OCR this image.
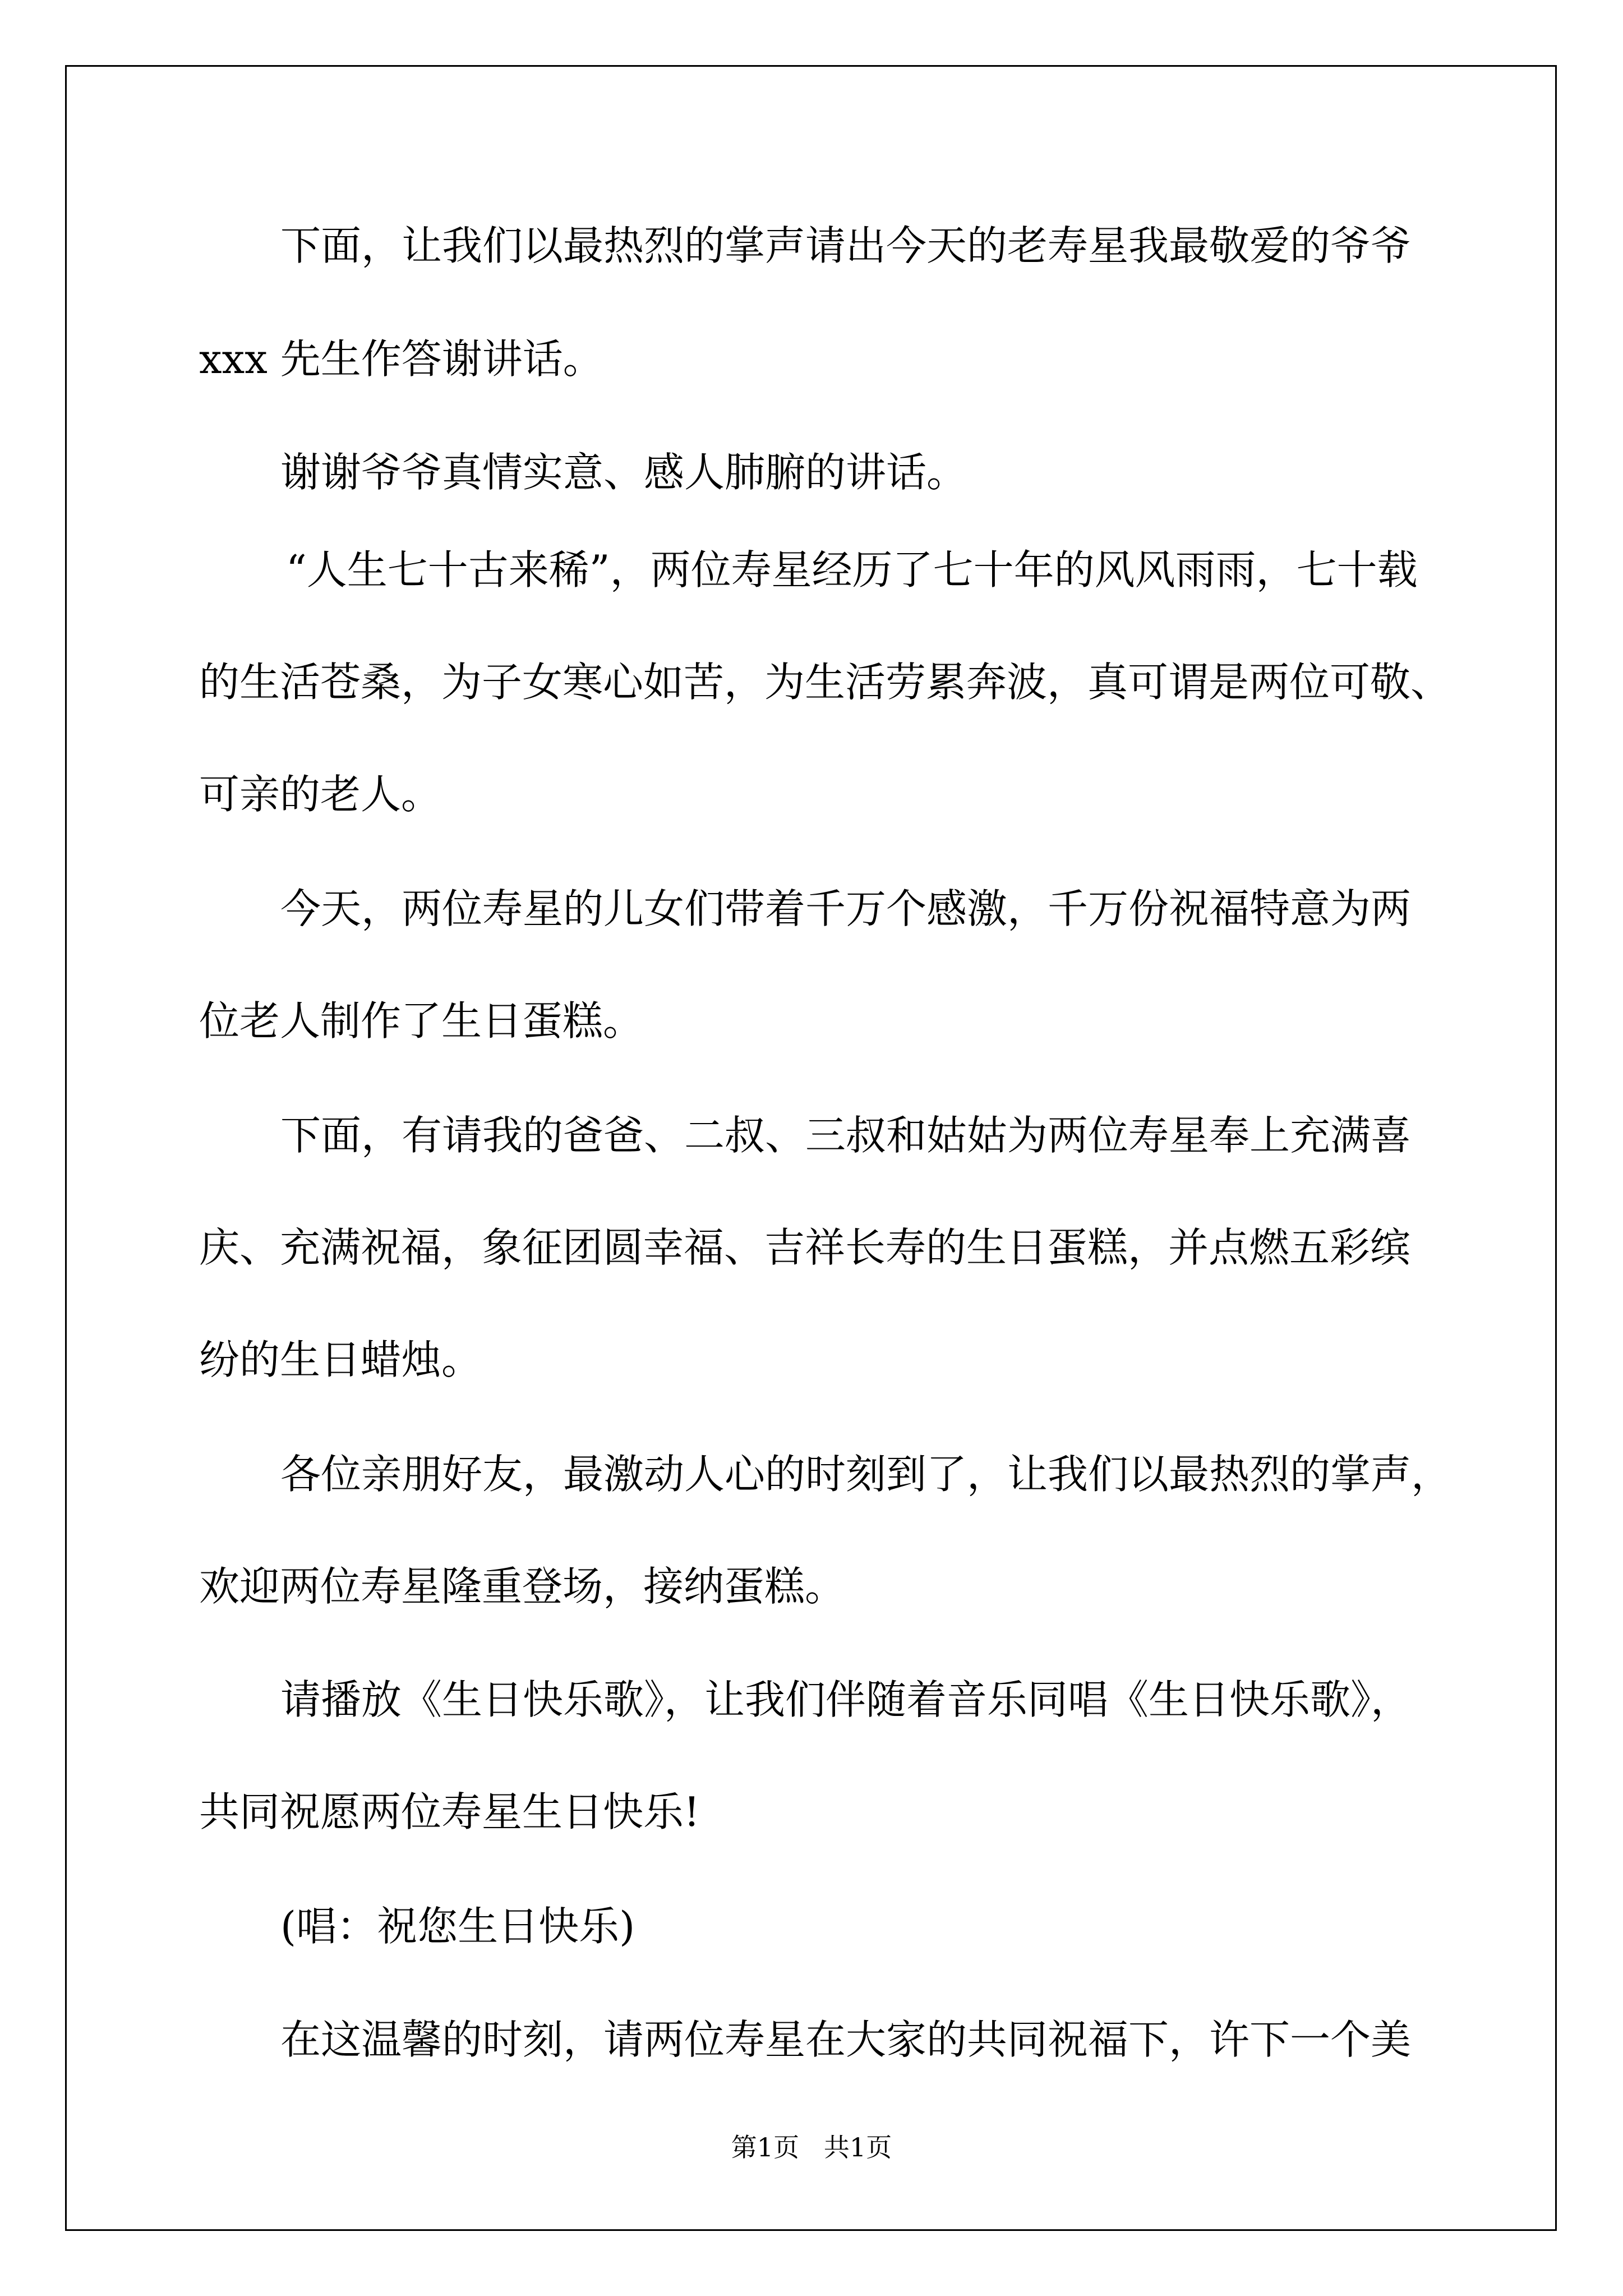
下面，让我们以最热烈的掌声请出今天的老寿星我最敬爱的爷爷
xxx 先生作答谢讲话。
谢谢爷爷真情实意、感人肺腑的讲话。
“人生七十古来稀”，两位寿星经历了七十年的风风雨雨，七十载
的生活苍桑，为子女寒心如苦，为生活劳累奔波，真可谓是两位可敬、
可亲的老人。
今天，两位寿星的儿女们带着千万个感激，千万份祝福特意为两
位老人制作了生日蛋糕。
下面，有请我的爸爸、二叔、三叔和姑姑为两位寿星奉上充满喜
庆、充满祝福，象征团圆幸福、吉祥长寿的生日蛋糕，并点燃五彩缤
纷的生日蜡烛。
各位亲朋好友，最激动人心的时刻到了，让我们以最热烈的掌声，
欢迎两位寿星隆重登场，接纳蛋糕。
请播放《生日快乐歌》，让我们伴随着音乐同唱《生日快乐歌》，
共同祝愿两位寿星生日快乐!
(唱：祝您生日快乐)
在这温馨的时刻，请两位寿星在大家的共同祝福下，许下一个美
第1页   共1页
